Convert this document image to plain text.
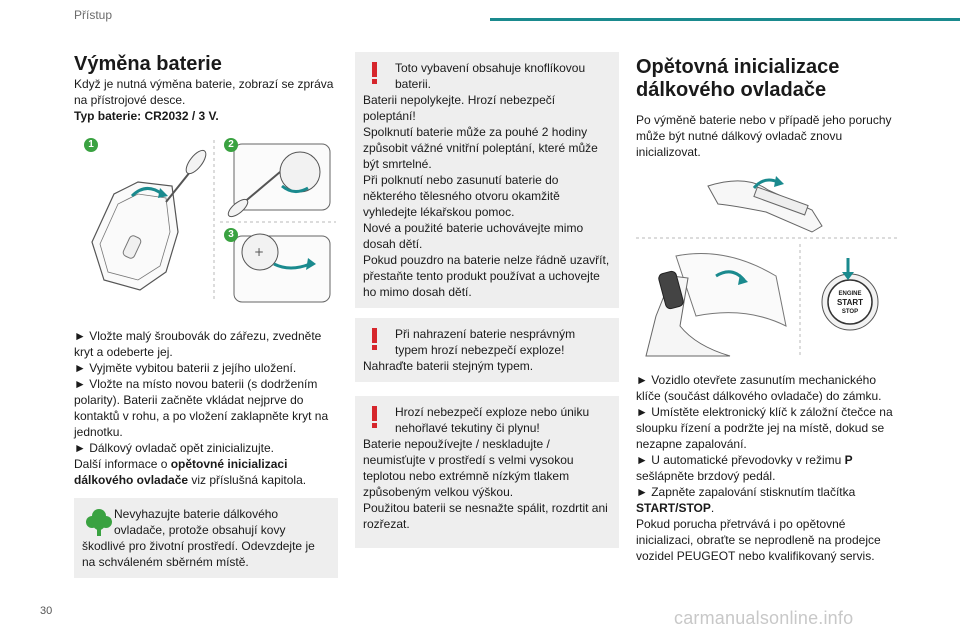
Přístup
Výměna baterie

Když je nutná výměna baterie, zobrazí se zpráva na přístrojové desce.

Typ baterie: CR2032 / 3 V.

+
1	2
3

► Vložte malý šroubovák do zářezu, zvedněte kryt a odeberte jej.

► Vyjměte vybitou baterii z jejího uložení.

► Vložte na místo novou baterii (s dodržením polarity). Baterii začněte vkládat nejprve do kontaktů v rohu, a po vložení zaklapněte kryt na jednotku.

► Dálkový ovladač opět zinicializujte.

Další informace o opětovné inicializaci dálkového ovladače viz příslušná kapitola.

Nevyhazujte baterie dálkového ovladače, protože obsahují kovy
škodlivé pro životní prostředí. Odevzdejte je na schváleném sběrném místě.
Toto vybavení obsahuje knoflíkovou baterii.
Baterii nepolykejte. Hrozí nebezpečí poleptání!
Spolknutí baterie může za pouhé 2 hodiny způsobit vážné vnitřní poleptání, které může být smrtelné.
Při polknutí nebo zasunutí baterie do některého tělesného otvoru okamžitě vyhledejte lékařskou pomoc.
Nové a použité baterie uchovávejte mimo dosah dětí.
Pokud pouzdro na baterie nelze řádně uzavřít, přestaňte tento produkt používat a uchovejte ho mimo dosah dětí.
Při nahrazení baterie nesprávným typem hrozí nebezpečí exploze!
Nahraďte baterii stejným typem.
Hrozí nebezpečí exploze nebo úniku nehořlavé tekutiny či plynu!
Baterie nepoužívejte / neskladujte / neumisťujte v prostředí s velmi vysokou teplotou nebo extrémně nízkým tlakem způsobeným velkou výškou.
Použitou baterii se nesnažte spálit, rozdrtit ani rozřezat.
Opětovná inicializace dálkového ovladače

Po výměně baterie nebo v případě jeho poruchy může být nutné dálkový ovladač znovu inicializovat.

ENGINE
START
STOP

► Vozidlo otevřete zasunutím mechanického klíče (součást dálkového ovladače) do zámku.

► Umístěte elektronický klíč k záložní čtečce na sloupku řízení a podržte jej na místě, dokud se nezapne zapalování.

► U automatické převodovky v režimu P sešlápněte brzdový pedál.

► Zapněte zapalování stisknutím tlačítka START/STOP.

Pokud porucha přetrvává i po opětovné inicializaci, obraťte se neprodleně na prodejce vozidel PEUGEOT nebo kvalifikovaný servis.

30	carmanualsonline.info
